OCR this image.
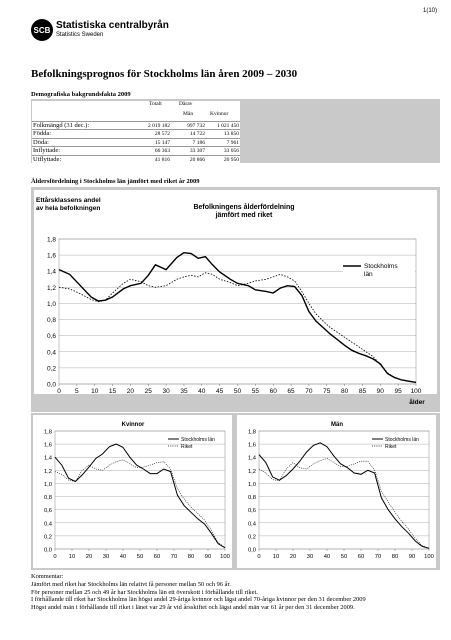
1(10)
SCB Statistiska centralbyrån
Statistics Sweden
Befolkningsprognos för Stockholms län åren 2009 – 2030
Demografiska bakgrundsfakta 2009
Totalt	Därav
Män	Kvinnor
Folkmängd (31 dec.):	2 019 182	997 732	1 021 450
Födda:	28 572	14 722	13 850
Döda:	15 147	7 186	7 961
Inflyttade:	66 363	33 307	33 056
Utflyttade:	41 816	20 866	20 950
Åldersfördelning i Stockholms län jämfört med riket år 2009
0,0
0,2
0,4
0,6
0,8
1,0
1,2
1,4
1,6
1,8
0 5 10 15 20 25 30 35 40 45 50 55 60 65 70 75 80 85 90 95 100
Ettårsklassens andel
av hela befolkningen	Befolkningens ålderfördelning
jämfört med riket
ålder
Stockholms
län
0,0
0,2
0,4
0,6
0,8
1,0
1,2
1,4
1,6
1,8
0 10 20 30 40 50 60 70 80 90 100
Kvinnor
Stockholms län
Riket
0,0
0,2
0,4
0,6
0,8
1,0
1,2
1,4
1,6
1,8
0 10 20 30 40 50 60 70 80 90 100
Män
Stockholms län
Riket
Kommentar:
Jämfört med riket har Stockholms län relativt få personer mellan 50 och 96 år.
För personer mellan 25 och 49 år har Stockholms län ett överskott i förhållande till riket.
I förhållande till riket har Stockholms län högst andel 29-åriga kvinnor och lägst andel 70-åriga kvinnor per den 31 december 2009
Högst andel män i förhållande till riket i länet var 29 år vid årsskiftet och lägst andel män var 61 år per den 31 december 2009.
